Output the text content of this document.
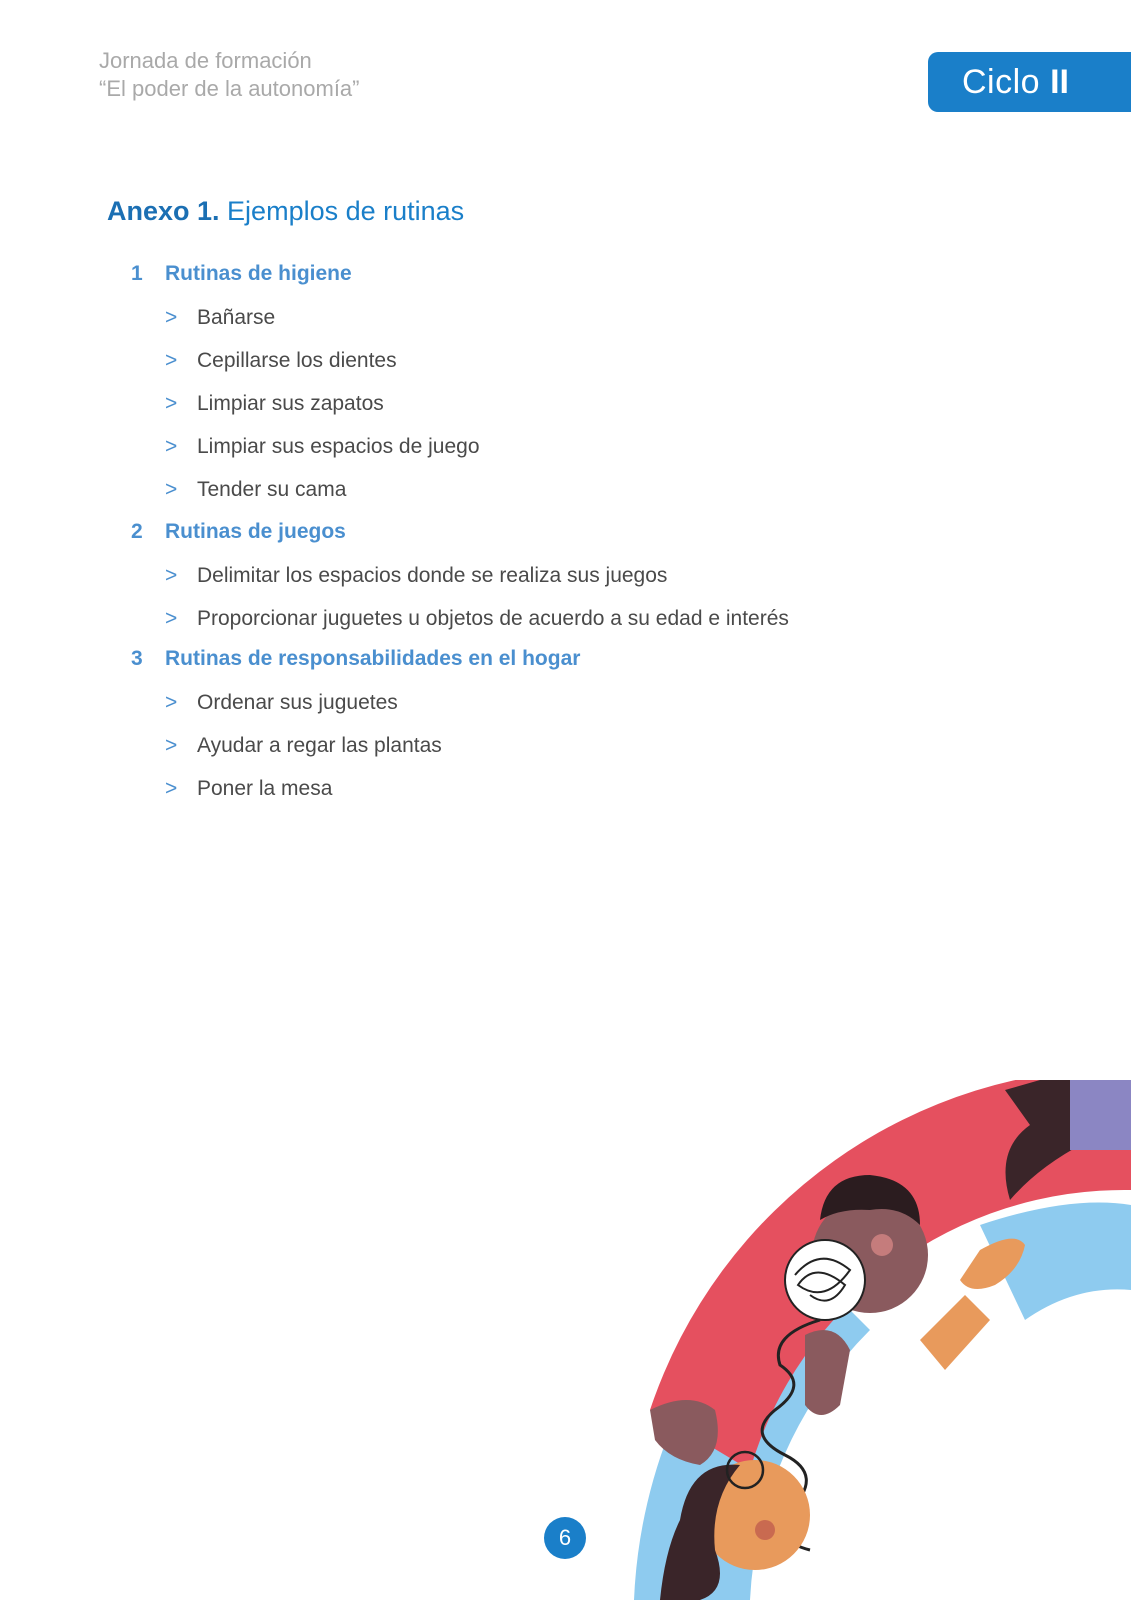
Jornada de formación
“El poder de la autonomía”	Ciclo II
Anexo 1. Ejemplos de rutinas
1 Rutinas de higiene
> Bañarse
> Cepillarse los dientes
> Limpiar sus zapatos
> Limpiar sus espacios de juego
> Tender su cama
2 Rutinas de juegos
> Delimitar los espacios donde se realiza sus juegos
> Proporcionar juguetes u objetos de acuerdo a su edad e interés
3 Rutinas de responsabilidades en el hogar
> Ordenar sus juguetes
> Ayudar a regar las plantas
> Poner la mesa
6
